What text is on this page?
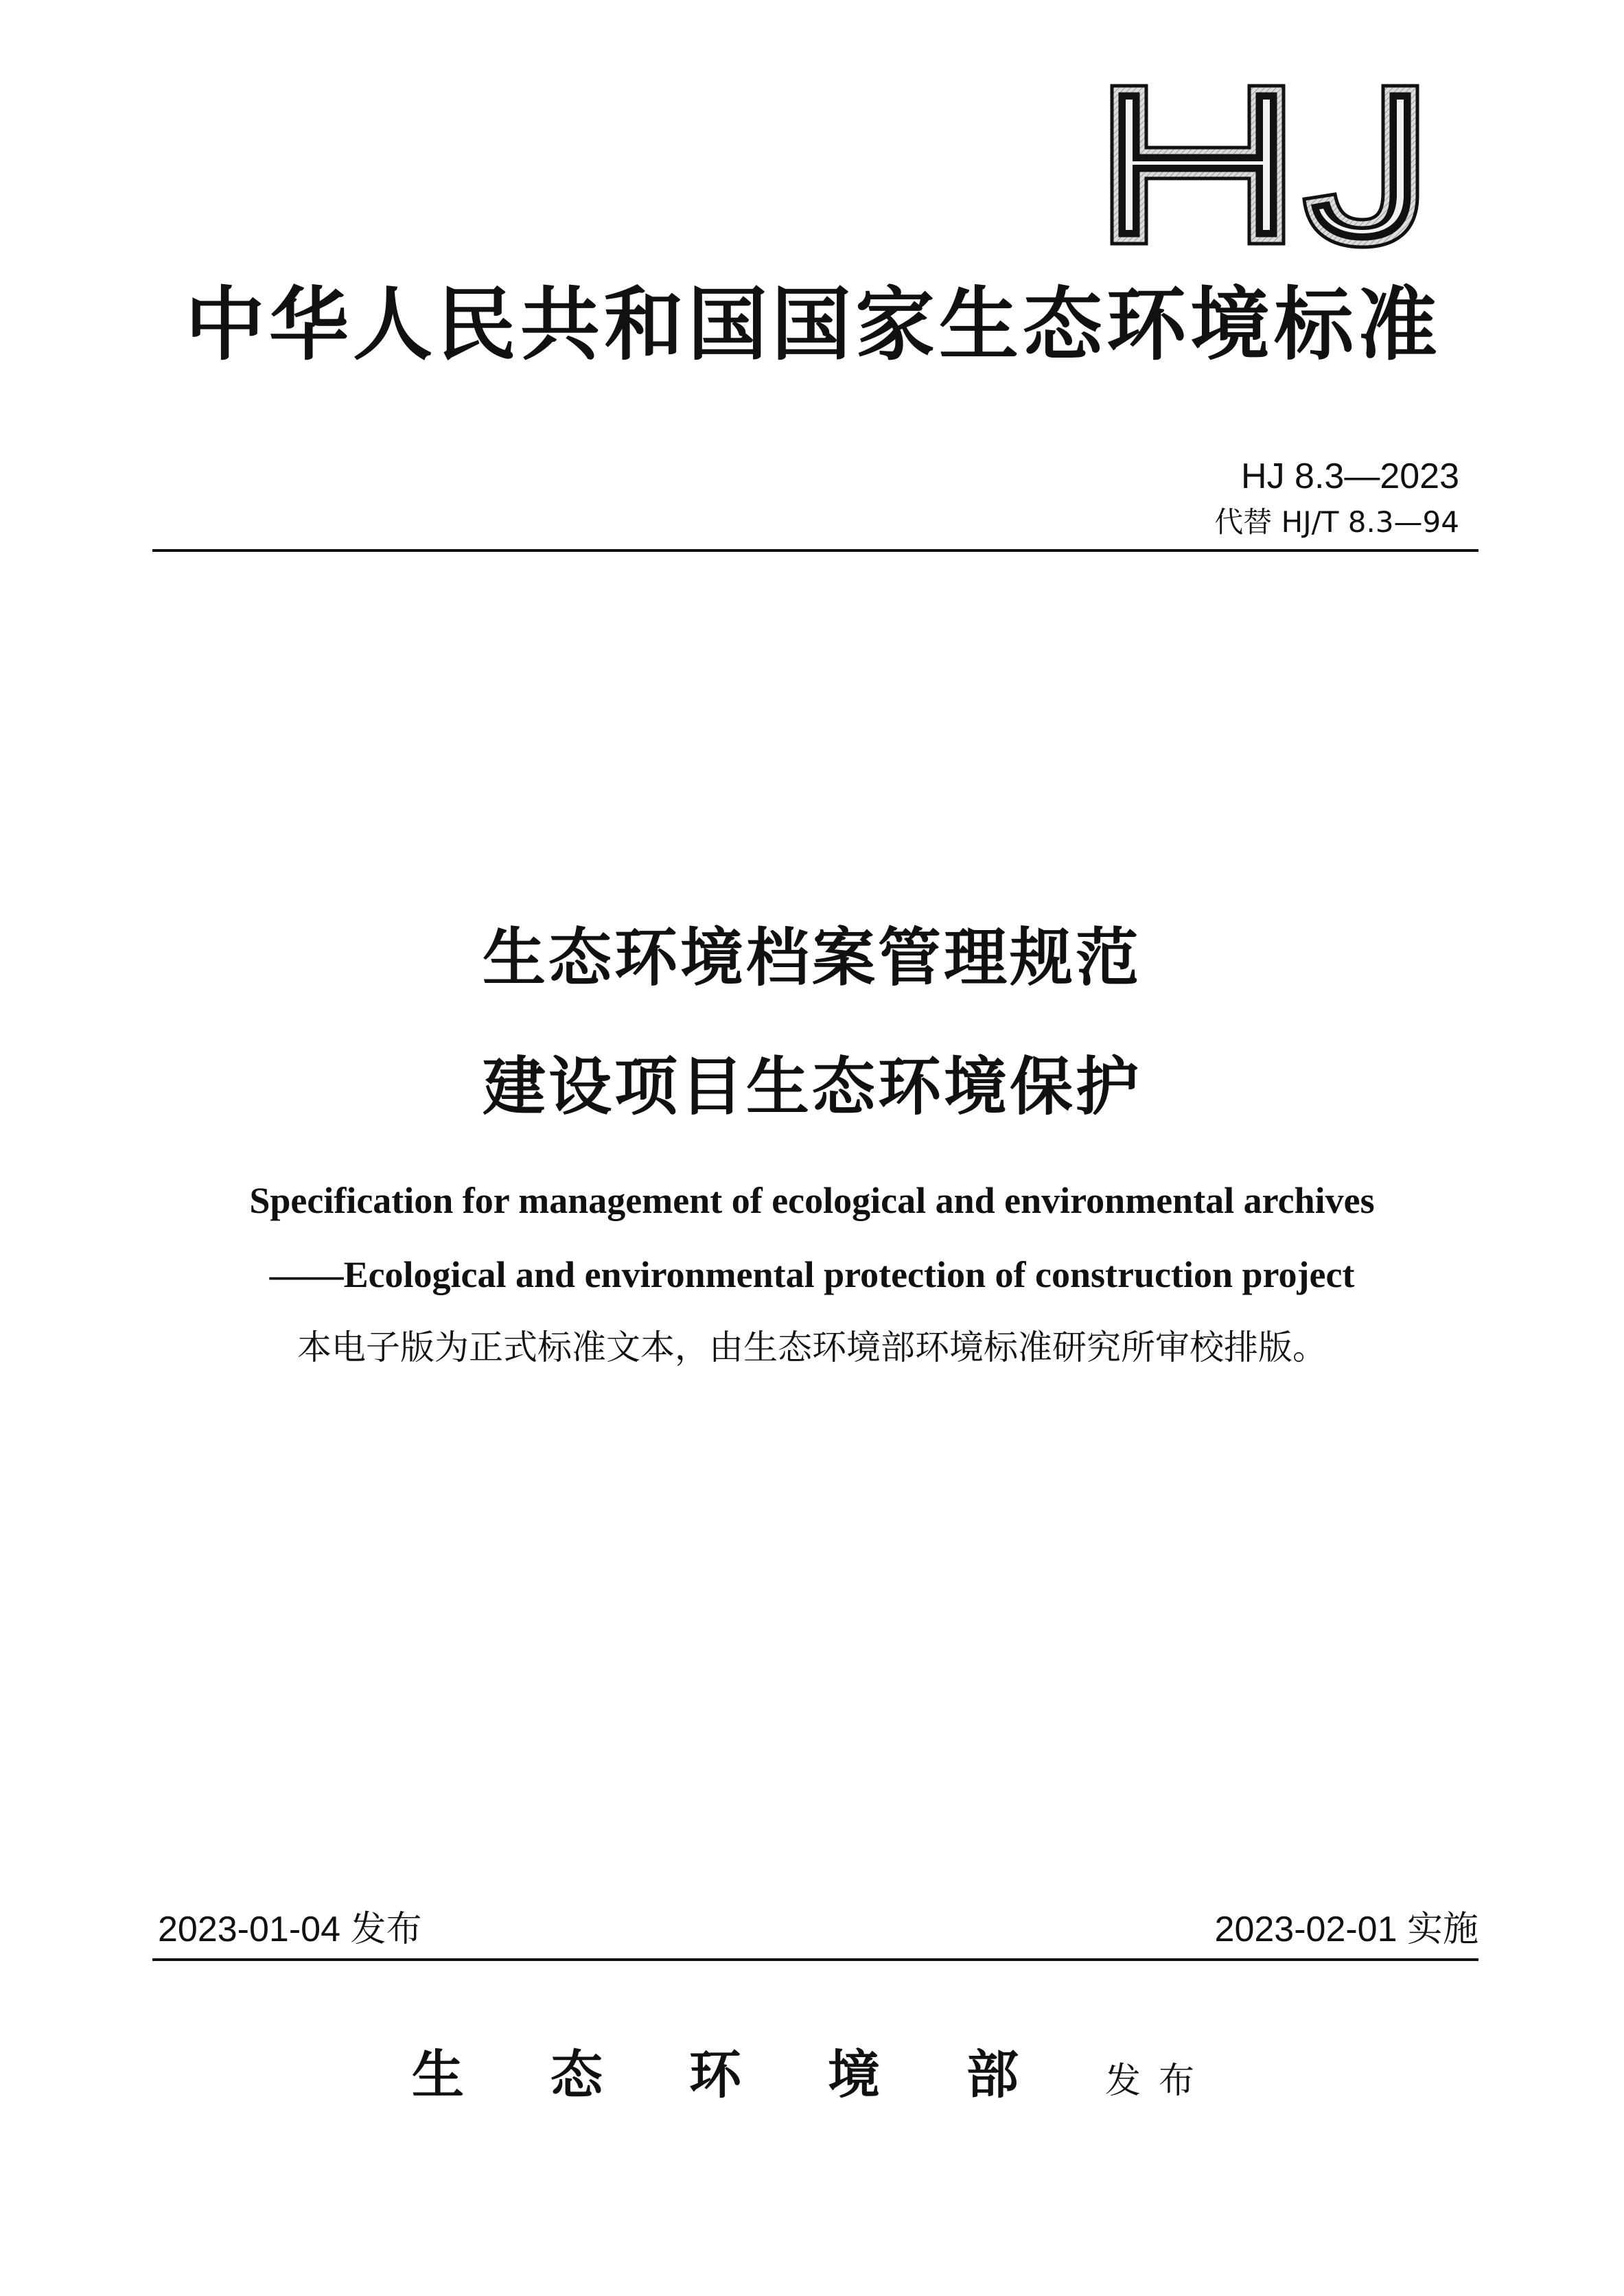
中华人民共和国国家生态环境标准
HJ 8.3—2023
代替 HJ/T 8.3—94
生态环境档案管理规范
建设项目生态环境保护
Specification for management of ecological and environmental archives
——Ecological and environmental protection of construction project
本电子版为正式标准文本，由生态环境部环境标准研究所审校排版。
2023-01-04 发布	2023-02-01 实施
生态环境部发布
